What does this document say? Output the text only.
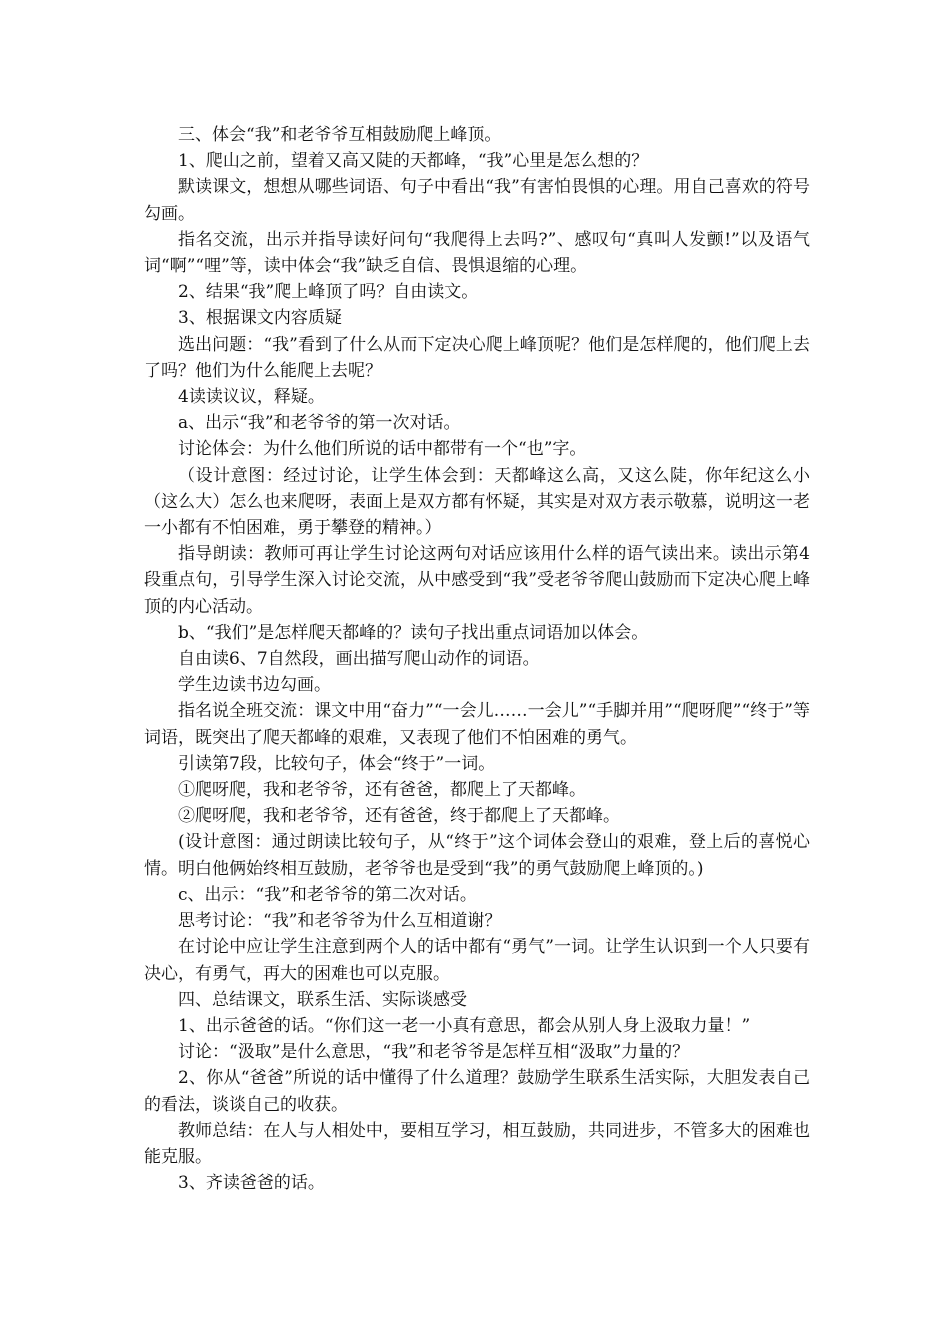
三、体会“我”和老爷爷互相鼓励爬上峰顶。

1、爬山之前，望着又高又陡的天都峰，“我”心里是怎么想的？

默读课文，想想从哪些词语、句子中看出“我”有害怕畏惧的心理。用自己喜欢的符号勾画。

指名交流，出示并指导读好问句“我爬得上去吗?”、感叹句“真叫人发颤!”以及语气词“啊”“哩”等，读中体会“我”缺乏自信、畏惧退缩的心理。

2、结果“我”爬上峰顶了吗？自由读文。

3、根据课文内容质疑

选出问题：“我”看到了什么从而下定决心爬上峰顶呢？他们是怎样爬的，他们爬上去了吗？他们为什么能爬上去呢？

4读读议议，释疑。

a、出示“我”和老爷爷的第一次对话。

讨论体会：为什么他们所说的话中都带有一个“也”字。

（设计意图：经过讨论，让学生体会到：天都峰这么高，又这么陡，你年纪这么小（这么大）怎么也来爬呀，表面上是双方都有怀疑，其实是对双方表示敬慕，说明这一老一小都有不怕困难，勇于攀登的精神。）

指导朗读：教师可再让学生讨论这两句对话应该用什么样的语气读出来。读出示第4段重点句，引导学生深入讨论交流，从中感受到“我”受老爷爷爬山鼓励而下定决心爬上峰顶的内心活动。

b、“我们”是怎样爬天都峰的？读句子找出重点词语加以体会。

自由读6、7自然段，画出描写爬山动作的词语。

学生边读书边勾画。

指名说全班交流：课文中用“奋力”“一会儿……一会儿”“手脚并用”“爬呀爬”“终于”等词语，既突出了爬天都峰的艰难，又表现了他们不怕困难的勇气。

引读第7段，比较句子，体会“终于”一词。

①爬呀爬，我和老爷爷，还有爸爸，都爬上了天都峰。

②爬呀爬，我和老爷爷，还有爸爸，终于都爬上了天都峰。

(设计意图：通过朗读比较句子，从“终于”这个词体会登山的艰难，登上后的喜悦心情。明白他俩始终相互鼓励，老爷爷也是受到“我”的勇气鼓励爬上峰顶的。)

c、出示：“我”和老爷爷的第二次对话。

思考讨论：“我”和老爷爷为什么互相道谢？

在讨论中应让学生注意到两个人的话中都有“勇气”一词。让学生认识到一个人只要有决心，有勇气，再大的困难也可以克服。

四、总结课文，联系生活、实际谈感受

1、出示爸爸的话。“你们这一老一小真有意思，都会从别人身上汲取力量！”

讨论：“汲取”是什么意思，“我”和老爷爷是怎样互相“汲取”力量的？

2、你从“爸爸”所说的话中懂得了什么道理？鼓励学生联系生活实际，大胆发表自己的看法，谈谈自己的收获。

教师总结：在人与人相处中，要相互学习，相互鼓励，共同进步，不管多大的困难也能克服。

3、齐读爸爸的话。
